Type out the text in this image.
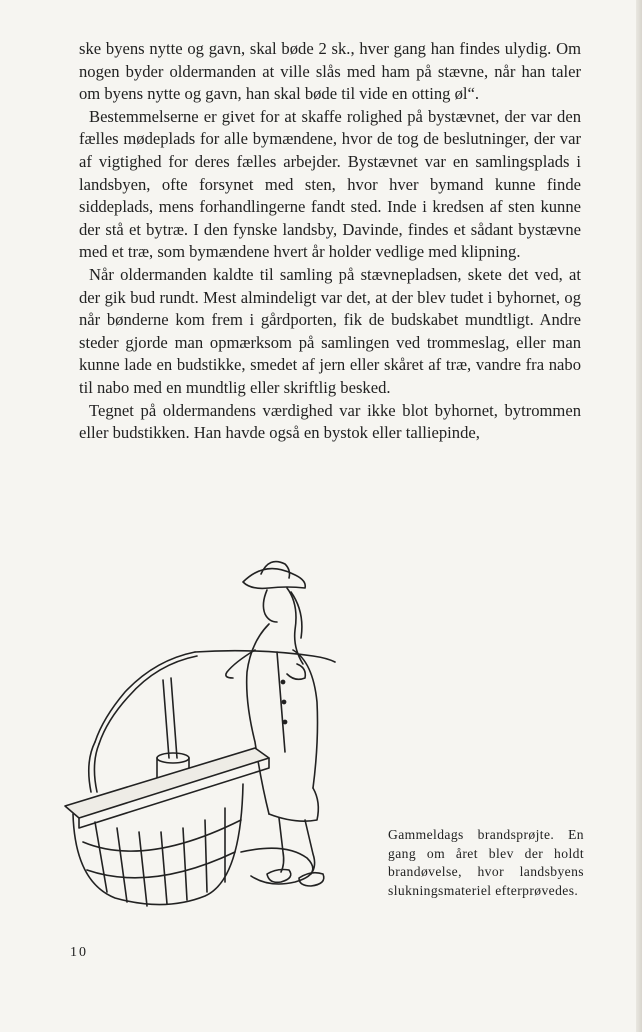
ske byens nytte og gavn, skal bøde 2 sk., hver gang han findes ulydig. Om nogen byder oldermanden at ville slås med ham på stævne, når han taler om byens nytte og gavn, han skal bøde til vide en otting øl“.

Bestemmelserne er givet for at skaffe rolighed på bystævnet, der var den fælles mødeplads for alle bymændene, hvor de tog de beslutninger, der var af vigtighed for deres fælles arbejder. Bystævnet var en samlingsplads i landsbyen, ofte forsynet med sten, hvor hver bymand kunne finde siddeplads, mens forhandlingerne fandt sted. Inde i kredsen af sten kunne der stå et bytræ. I den fynske landsby, Davinde, findes et sådant bystævne med et træ, som bymændene hvert år holder vedlige med klipning.

Når oldermanden kaldte til samling på stævnepladsen, skete det ved, at der gik bud rundt. Mest almindeligt var det, at der blev tudet i byhornet, og når bønderne kom frem i gårdporten, fik de budskabet mundtligt. Andre steder gjorde man opmærksom på samlingen ved trommeslag, eller man kunne lade en budstikke, smedet af jern eller skåret af træ, vandre fra nabo til nabo med en mundtlig eller skriftlig besked.

Tegnet på oldermandens værdighed var ikke blot byhornet, bytrommen eller budstikken. Han havde også en bystok eller talliepinde,

Gammeldags brandsprøjte. En gang om året blev der holdt brandøvelse, hvor landsbyens slukningsmateriel efterprøvedes.
10
